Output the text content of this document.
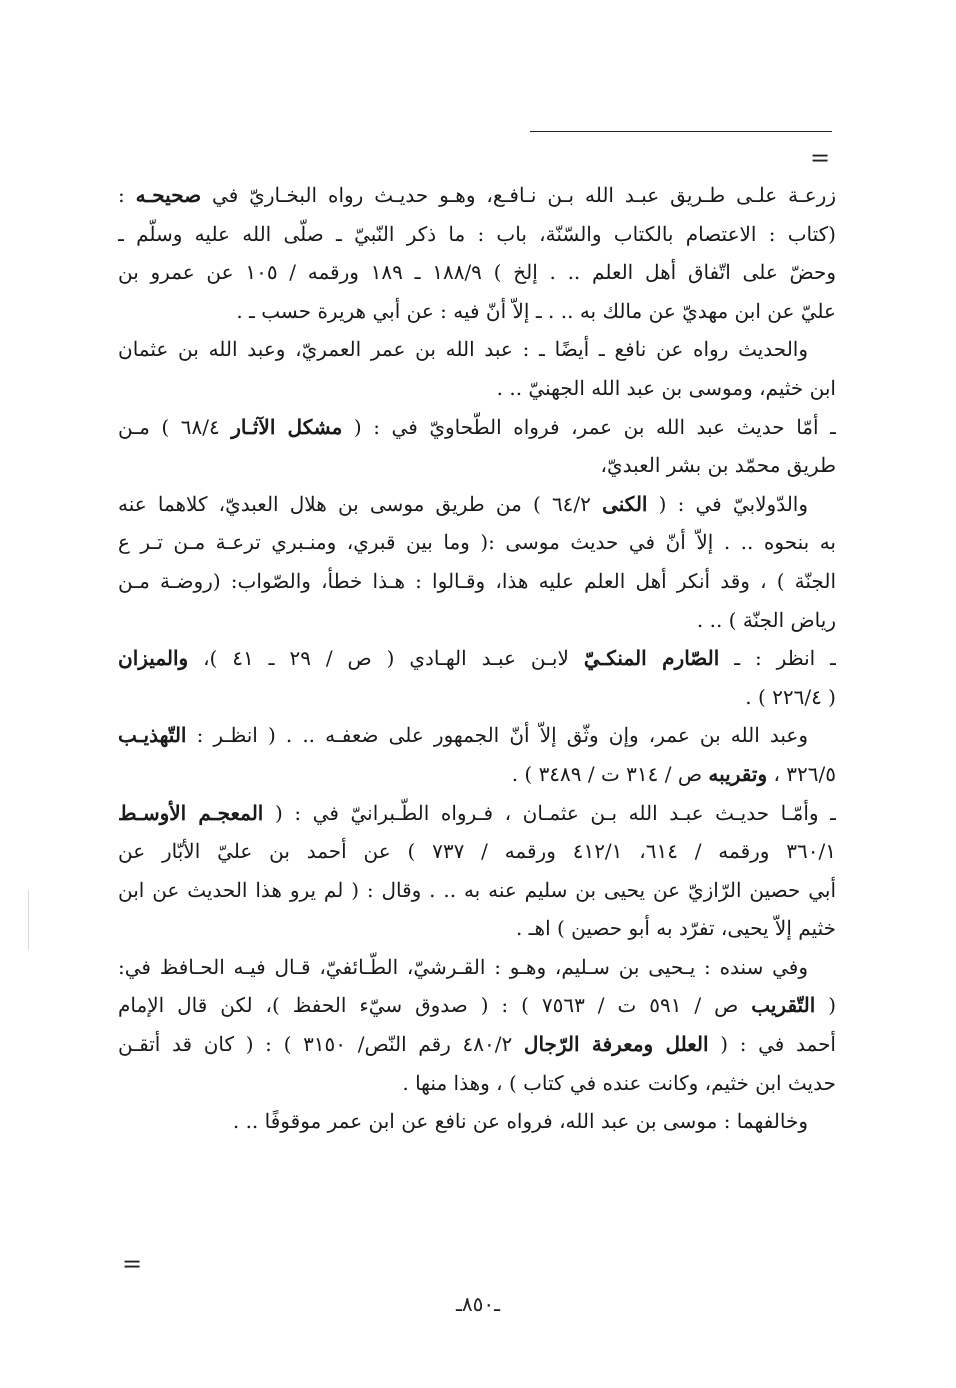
=
زرعـة علـى طـريق عبـد الله بـن نـافـع، وهـو حديـث رواه البخـاريّ في صحيحـه :
(كتاب : الاعتصام بالكتاب والسّنّة، باب : ما ذكر النّبيّ ـ صلّى الله عليه وسلّم ـ
وحضّ على اتّفاق أهل العلم .. . إلخ ) ١٨٨/٩ ـ ١٨٩ ورقمه / ١٠٥ عن عمرو بن
عليّ عن ابن مهديّ عن مالك به .. . ـ إلاّ أنّ فيه : عن أبي هريرة حسب ـ .
والحديث رواه عن نافع ـ أيضًا ـ : عبد الله بن عمر العمريّ، وعبد الله بن عثمان
ابن خثيم، وموسى بن عبد الله الجهنيّ .. .
ـ أمّا حديث عبد الله بن عمر، فرواه الطّحاويّ في : ( مشكل الآثـار ٦٨/٤ ) مـن
طريق محمّد بن بشر العبديّ،
والدّولابيّ في : ( الكنى ٦٤/٢ ) من طريق موسى بن هلال العبديّ، كلاهما عنه
به بنحوه .. . إلاّ أنّ في حديث موسى :( وما بين قبري، ومنـبري ترعـة مـن تـر ع
الجنّة ) ، وقد أنكر أهل العلم عليه هذا، وقـالوا : هـذا خطأ، والصّواب: (روضـة مـن
رياض الجنّة ) .. .
ـ انظر : ـ الصّارم المنكـيّ لابـن عبـد الهـادي ( ص / ٢٩ ـ ٤١ )، والميزان
( ٢٢٦/٤ ) .
وعبد الله بن عمر، وإن وثّق إلاّ أنّ الجمهور على ضعفـه .. . ( انظـر : التّهذيـب
٣٢٦/٥ ، وتقريبه ص / ٣١٤ ت / ٣٤٨٩ ) .
ـ وأمّـا حديـث عبـد الله بـن عثمـان ، فـرواه الطّـبرانيّ في : ( المعجـم الأوسـط
٣٦٠/١ ورقمه / ٦١٤، ٤١٢/١ ورقمه / ٧٣٧ ) عن أحمد بن عليّ الأبّار عن
أبي حصين الرّازيّ عن يحيى بن سليم عنه به .. . وقال : ( لم يرو هذا الحديث عن ابن
خثيم إلاّ يحيى، تفرّد به أبو حصين ) اهـ .
وفي سنده : يـحيى بن سـليم، وهـو : القـرشيّ، الطّـائفيّ، قـال فيـه الحـافظ في:
( التّقريب ص / ٥٩١ ت / ٧٥٦٣ ) : ( صدوق سيّء الحفظ )، لكن قال الإمام
أحمد في : ( العلل ومعرفة الرّجال ٤٨٠/٢ رقم النّص/ ٣١٥٠ ) : ( كان قد أتقـن
حديث ابن خثيم، وكانت عنده في كتاب ) ، وهذا منها .
وخالفهما : موسى بن عبد الله، فرواه عن نافع عن ابن عمر موقوفًا .. .
=
ـ٨٥٠ـ
